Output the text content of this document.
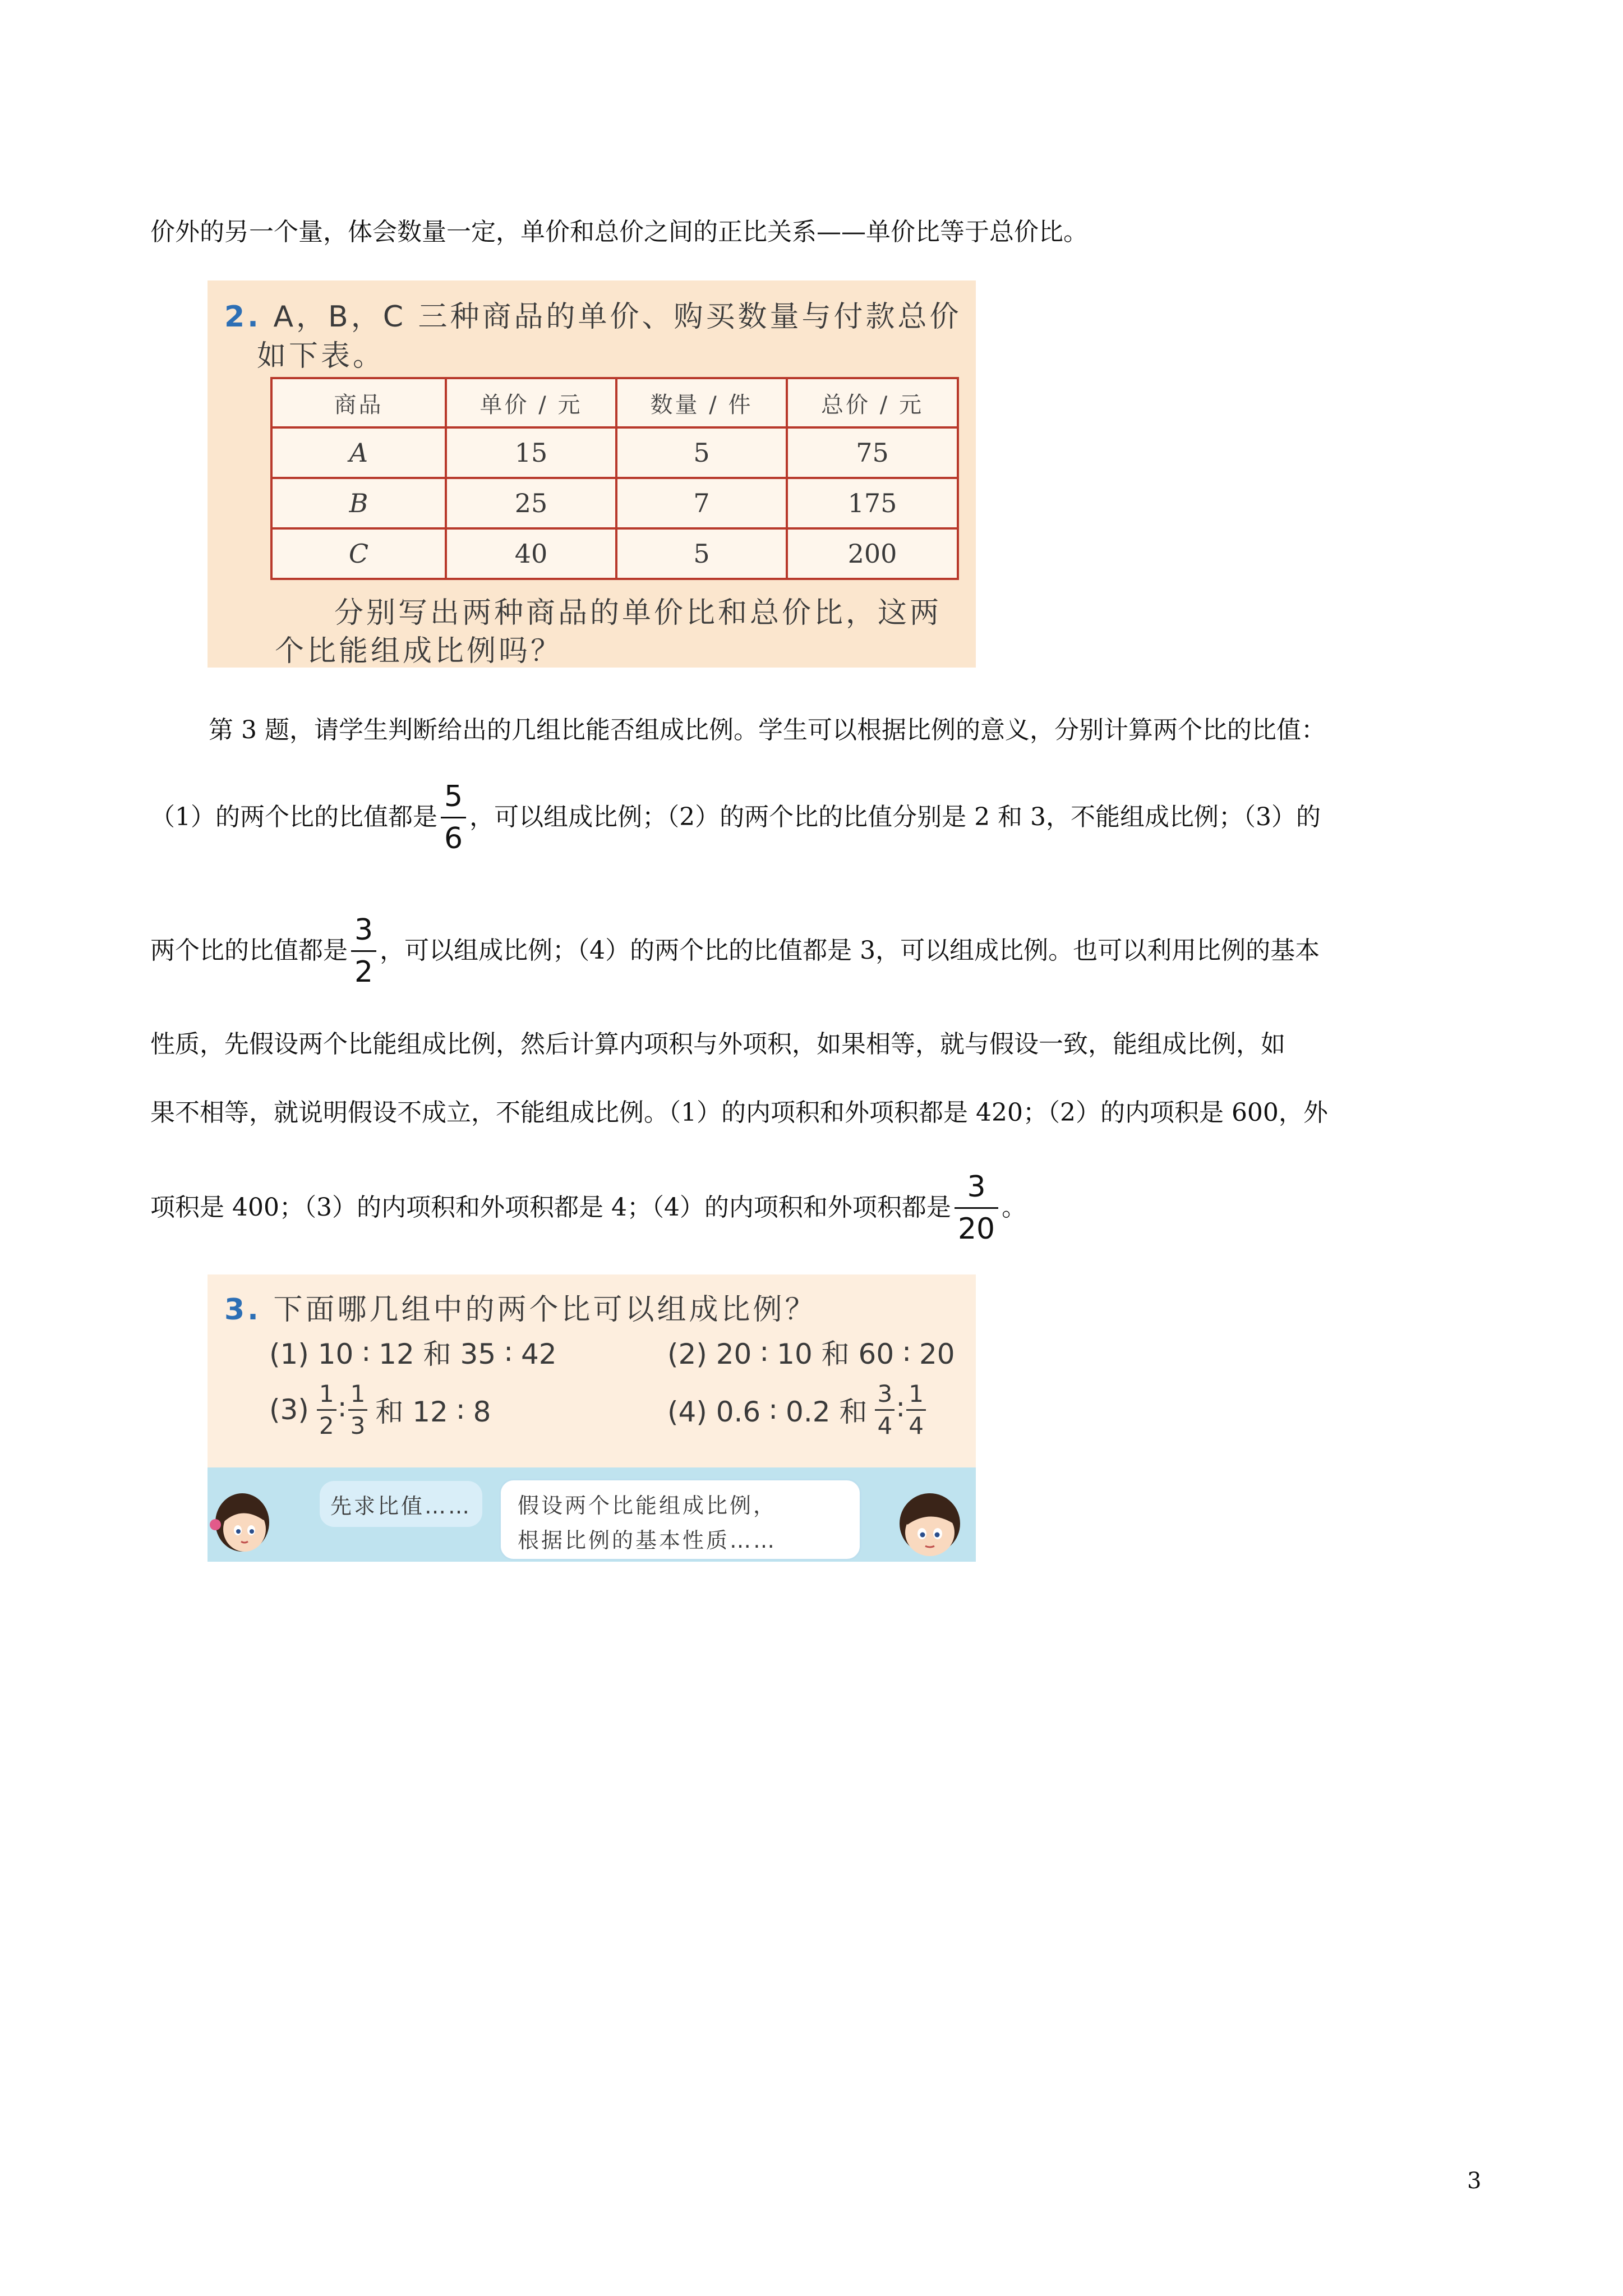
价外的另一个量，体会数量一定，单价和总价之间的正比关系——单价比等于总价比。
2. A，B，C 三种商品的单价、购买数量与付款总价
如下表。
商品	单价 / 元	数量 / 件	总价 / 元
A	15	5	75
B	25	7	175
C	40	5	200
分别写出两种商品的单价比和总价比，这两
个比能组成比例吗？
第 3 题，请学生判断给出的几组比能否组成比例。学生可以根据比例的意义，分别计算两个比的比值：
（1）的两个比的比值都是 $\frac{5}{6}$ ，可以组成比例；（2）的两个比的比值分别是 2 和 3，不能组成比例；（3）的
两个比的比值都是 $\frac{3}{2}$ ，可以组成比例；（4）的两个比的比值都是 3，可以组成比例。也可以利用比例的基本
性质，先假设两个比能组成比例，然后计算内项积与外项积，如果相等，就与假设一致，能组成比例，如
果不相等，就说明假设不成立，不能组成比例。（1）的内项积和外项积都是 420；（2）的内项积是 600，外
项积是 400；（3）的内项积和外项积都是 4；（4）的内项积和外项积都是 $\frac{3}{20}$ 。
3. 下面哪几组中的两个比可以组成比例？
(1) 10 ∶ 12 和 35 ∶ 42	(2) 20 ∶ 10 和 60 ∶ 20
$(3) \frac{1}{2}$ ∶ $\frac{1}{3}$ 和 12 ∶ 8	(4) 0.6 ∶ 0.2 和 $\frac{3}{4}$ ∶ $\frac{1}{4}$
先求比值…… 假设两个比能组成比例，
根据比例的基本性质……
3
